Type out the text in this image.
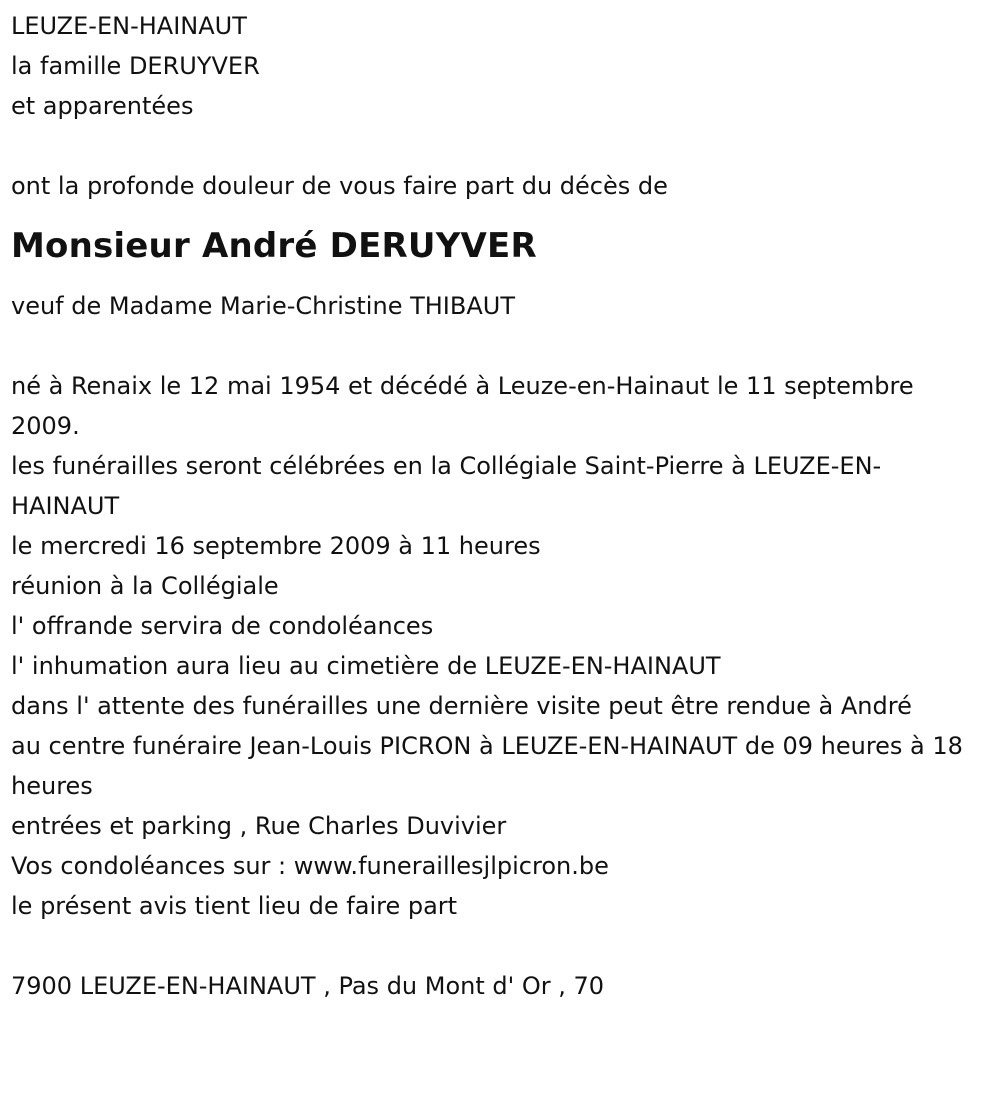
LEUZE-EN-HAINAUT

la famille DERUYVER

et apparentées

ont la profonde douleur de vous faire part du décès de

Monsieur André DERUYVER

veuf de Madame Marie-Christine THIBAUT

né à Renaix le 12 mai 1954 et décédé à Leuze-en-Hainaut le 11 septembre 2009.

les funérailles seront célébrées en la Collégiale Saint-Pierre à LEUZE-EN-HAINAUT

le mercredi 16 septembre 2009 à 11 heures

réunion à la Collégiale

l' offrande servira de condoléances

l' inhumation aura lieu au cimetière de LEUZE-EN-HAINAUT

dans l' attente des funérailles une dernière visite peut être rendue à André

au centre funéraire Jean-Louis PICRON à LEUZE-EN-HAINAUT de 09 heures à 18 heures

entrées et parking , Rue Charles Duvivier

Vos condoléances sur : www.funeraillesjlpicron.be

le présent avis tient lieu de faire part

7900 LEUZE-EN-HAINAUT , Pas du Mont d' Or , 70
